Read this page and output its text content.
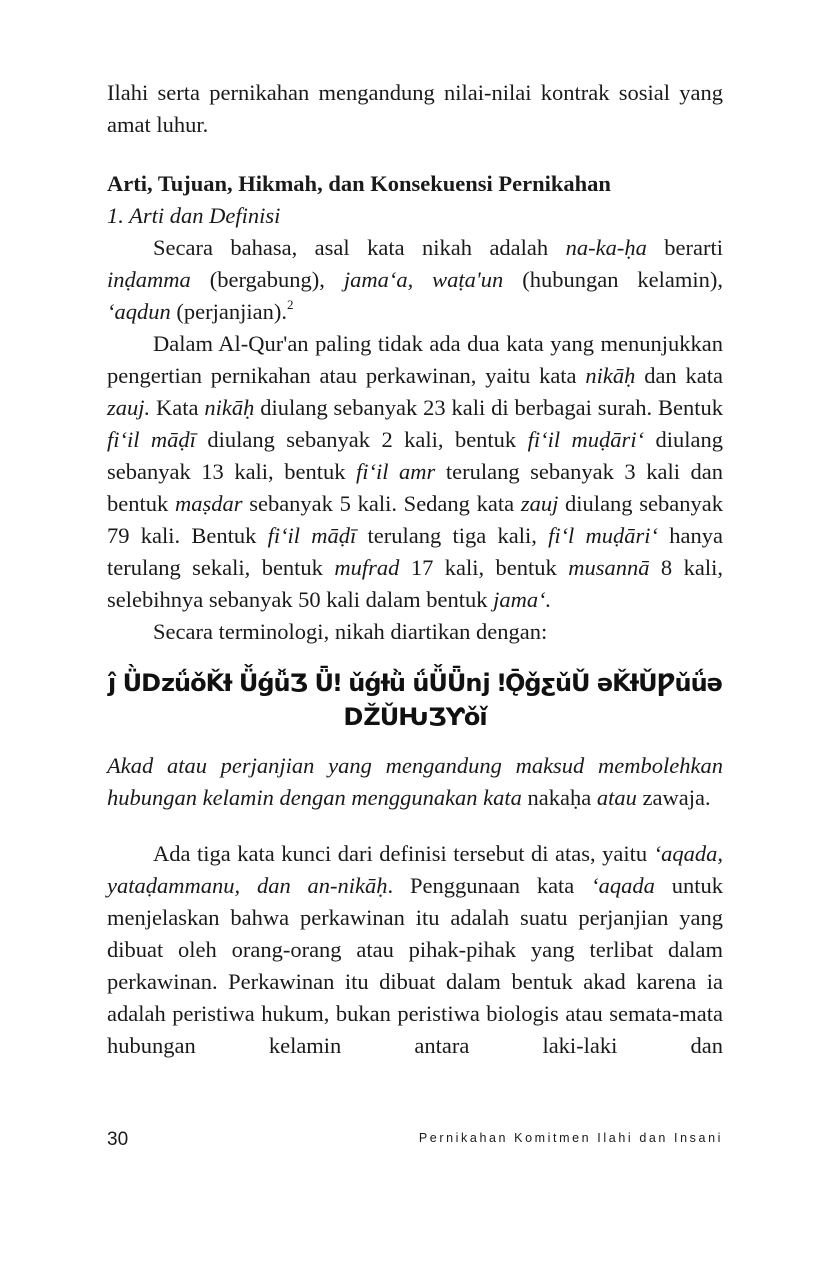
Ilahi serta pernikahan mengandung nilai-nilai kontrak sosial yang amat luhur.

Arti, Tujuan, Hikmah, dan Konsekuensi Pernikahan
1. Arti dan Definisi

Secara bahasa, asal kata nikah adalah na-ka-ḥa berarti inḍamma (bergabung), jama‘a, waṭa'un (hubungan kelamin), ‘aqdun (perjanjian).$^2$

Dalam Al-Qur'an paling tidak ada dua kata yang menunjukkan pengertian pernikahan atau perkawinan, yaitu kata nikāḥ dan kata zauj. Kata nikāḥ diulang sebanyak 23 kali di berbagai surah. Bentuk fi‘il māḍī diulang sebanyak 2 kali, bentuk fi‘il muḍāri‘ diulang sebanyak 13 kali, bentuk fi‘il amr terulang sebanyak 3 kali dan bentuk maṣdar sebanyak 5 kali. Sedang kata zauj diulang sebanyak 79 kali. Bentuk fi‘il māḍī terulang tiga kali, fi‘l muḍāri‘ hanya terulang sekali, bentuk mufrad 17 kali, bentuk musannā 8 kali, selebihnya sebanyak 50 kali dalam bentuk jama‘.

Secara terminologi, nikah diartikan dengan:

ĵ ǛǲǘǒǨƗ ǙǵǚƷ Ǖǃ ǔǵƗǜ ǘǙǕǌ ǃǬǧƹǔǓ ǝǨƗǓǷǔǘǝ ǄǓǶƷƳǒǐ

Akad atau perjanjian yang mengandung maksud membolehkan hubungan kelamin dengan menggunakan kata nakaḥa atau zawaja.

Ada tiga kata kunci dari definisi tersebut di atas, yaitu ‘aqada, yataḍammanu, dan an-nikāḥ. Penggunaan kata ‘aqada untuk menjelaskan bahwa perkawinan itu adalah suatu perjanjian yang dibuat oleh orang-orang atau pihak-pihak yang terlibat dalam perkawinan. Perkawinan itu dibuat dalam bentuk akad karena ia adalah peristiwa hukum, bukan peristiwa biologis atau semata-mata hubungan kelamin antara laki-laki dan

30	Pernikahan Komitmen Ilahi dan Insani
